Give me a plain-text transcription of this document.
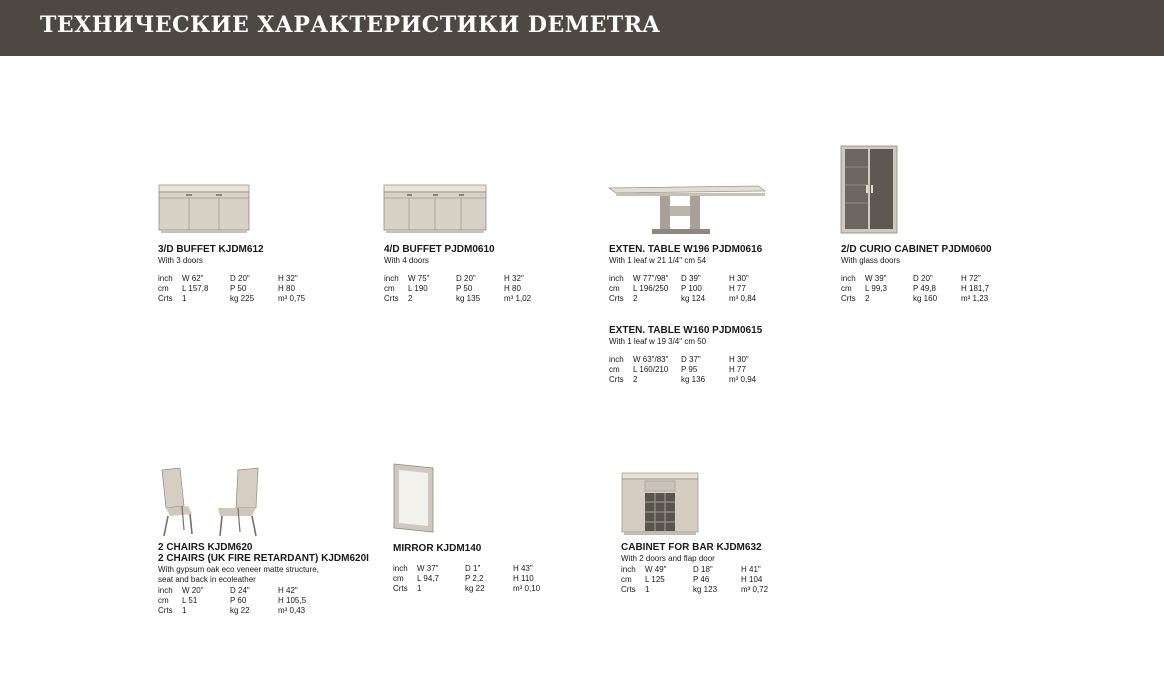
ТЕХНИЧЕСКИЕ ХАРАКТЕРИСТИКИ DEMETRA
3/D BUFFET KJDM612
With 3 doors
inch W 62"	D 20"	H 32"
cm L 157,8	P 50	H 80
Crts 1	kg 225	m³ 0,75
4/D BUFFET PJDM0610
With 4 doors
inch W 75"	D 20"	H 32"
cm L 190	P 50	H 80
Crts 2	kg 135	m³ 1,02
EXTEN. TABLE W196 PJDM0616
With 1 leaf w 21 1/4" cm 54
inch W 77"/98" D 39"	H 30"
cm L 196/250 P 100	H 77
Crts 2	kg 124	m³ 0,84
EXTEN. TABLE W160 PJDM0615
With 1 leaf w 19 3/4" cm 50
inch W 63"/83" D 37"	H 30"
cm L 160/210 P 95	H 77
Crts 2	kg 136	m³ 0,94
2/D CURIO CABINET PJDM0600
With glass doors
inch W 39"	D 20"	H 72"
cm L 99,3	P 49,8	H 181,7
Crts 2	kg 160	m³ 1,23
2 CHAIRS KJDM620
2 CHAIRS (UK FIRE RETARDANT) KJDM620I
With gypsum oak eco veneer matte structure,
seat and back in ecoleather
inch W 20"	D 24"	H 42"
cm L 51	P 60	H 105,5
Crts 1	kg 22	m³ 0,43
MIRROR KJDM140
inch W 37"	D 1"	H 43"
cm L 94,7	P 2,2	H 110
Crts 1	kg 22	m³ 0,10
CABINET FOR BAR KJDM632
With 2 doors and flap door
inch W 49"	D 18"	H 41"
cm L 125	P 46	H 104
Crts 1	kg 123	m³ 0,72
